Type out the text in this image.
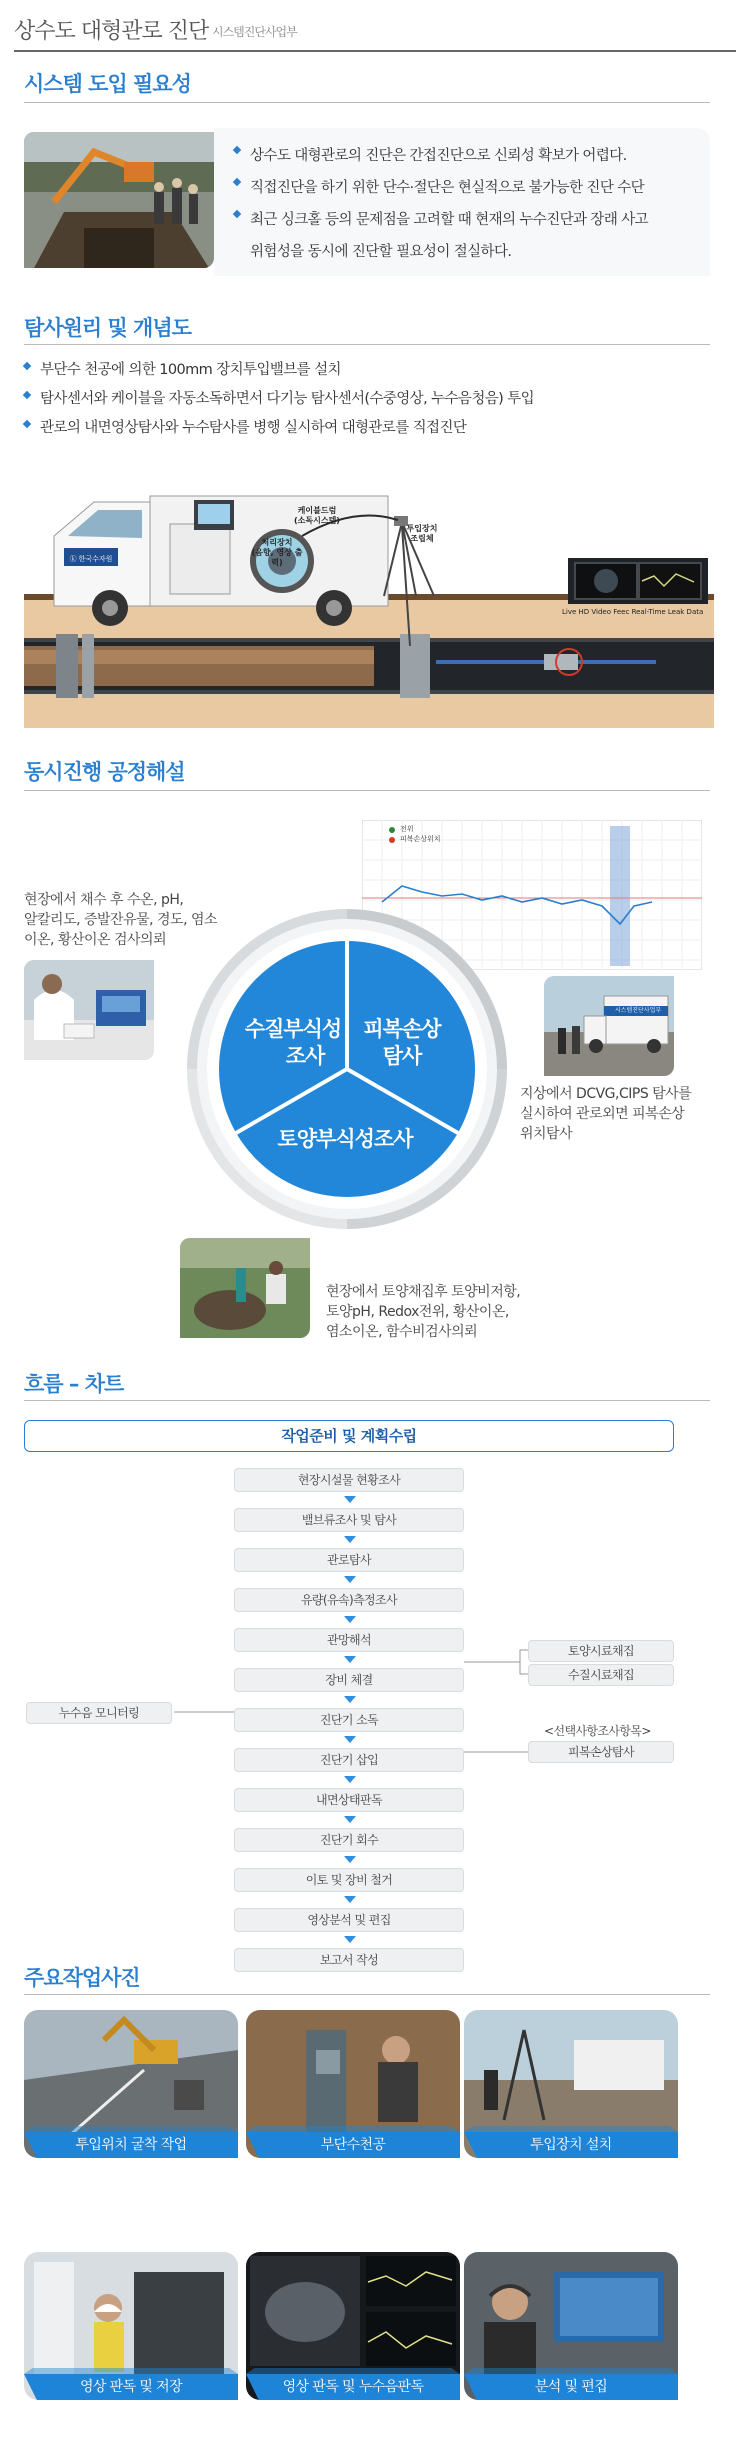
상수도 대형관로 진단 시스템진단사업부
시스템 도입 필요성
상수도 대형관로의 진단은 간접진단으로 신뢰성 확보가 어렵다.
직접진단을 하기 위한 단수·절단은 현실적으로 불가능한 진단 수단
최근 싱크홀 등의 문제점을 고려할 때 현재의 누수진단과 장래 사고
위험성을 동시에 진단할 필요성이 절실하다.
탐사원리 및 개념도
부단수 천공에 의한 100mm 장치투입밸브를 설치
탐사센서와 케이블을 자동소독하면서 다기능 탐사센서(수중영상, 누수음청음) 투입
관로의 내면영상탐사와 누수탐사를 병행 실시하여 대형관로를 직접진단
ⓚ 한국수자원
처리장치
(음향, 영상 출력)
케이블드럼
(소독시스템)
투입장치
조립체
Live HD Video Feec Real-Time Leak Data
동시진행 공정해설
전위
피복손상위치
현장에서 채수 후 수온, pH,
알칼리도, 증발잔유물, 경도, 염소
이온, 황산이온 검사의뢰
수질부식성
조사
피복손상
탐사
토양부식성조사
시스템진단사업부
지상에서 DCVG,CIPS 탐사를
실시하여 관로외면 피복손상
위치탐사
현장에서 토양채집후 토양비저항,
토양pH, Redox전위, 황산이온,
염소이온, 함수비검사의뢰
흐름 – 차트
작업준비 및 계획수립
현장시설물 현황조사
밸브류조사 및 탐사
관로탐사
유량(유속)측정조사
관망해석
장비 체결
진단기 소독
진단기 삽입
내면상태판독
진단기 회수
이토 및 장비 철거
영상분석 및 편집
보고서 작성
토양시료채집
수질시료채집
누수음 모니터링
<선택사항조사항목>
피복손상탐사
주요작업사진
투입위치 굴착 작업	부단수천공	투입장치 설치
영상 판독 및 저장	영상 판독 및 누수음판독	분석 및 편집
